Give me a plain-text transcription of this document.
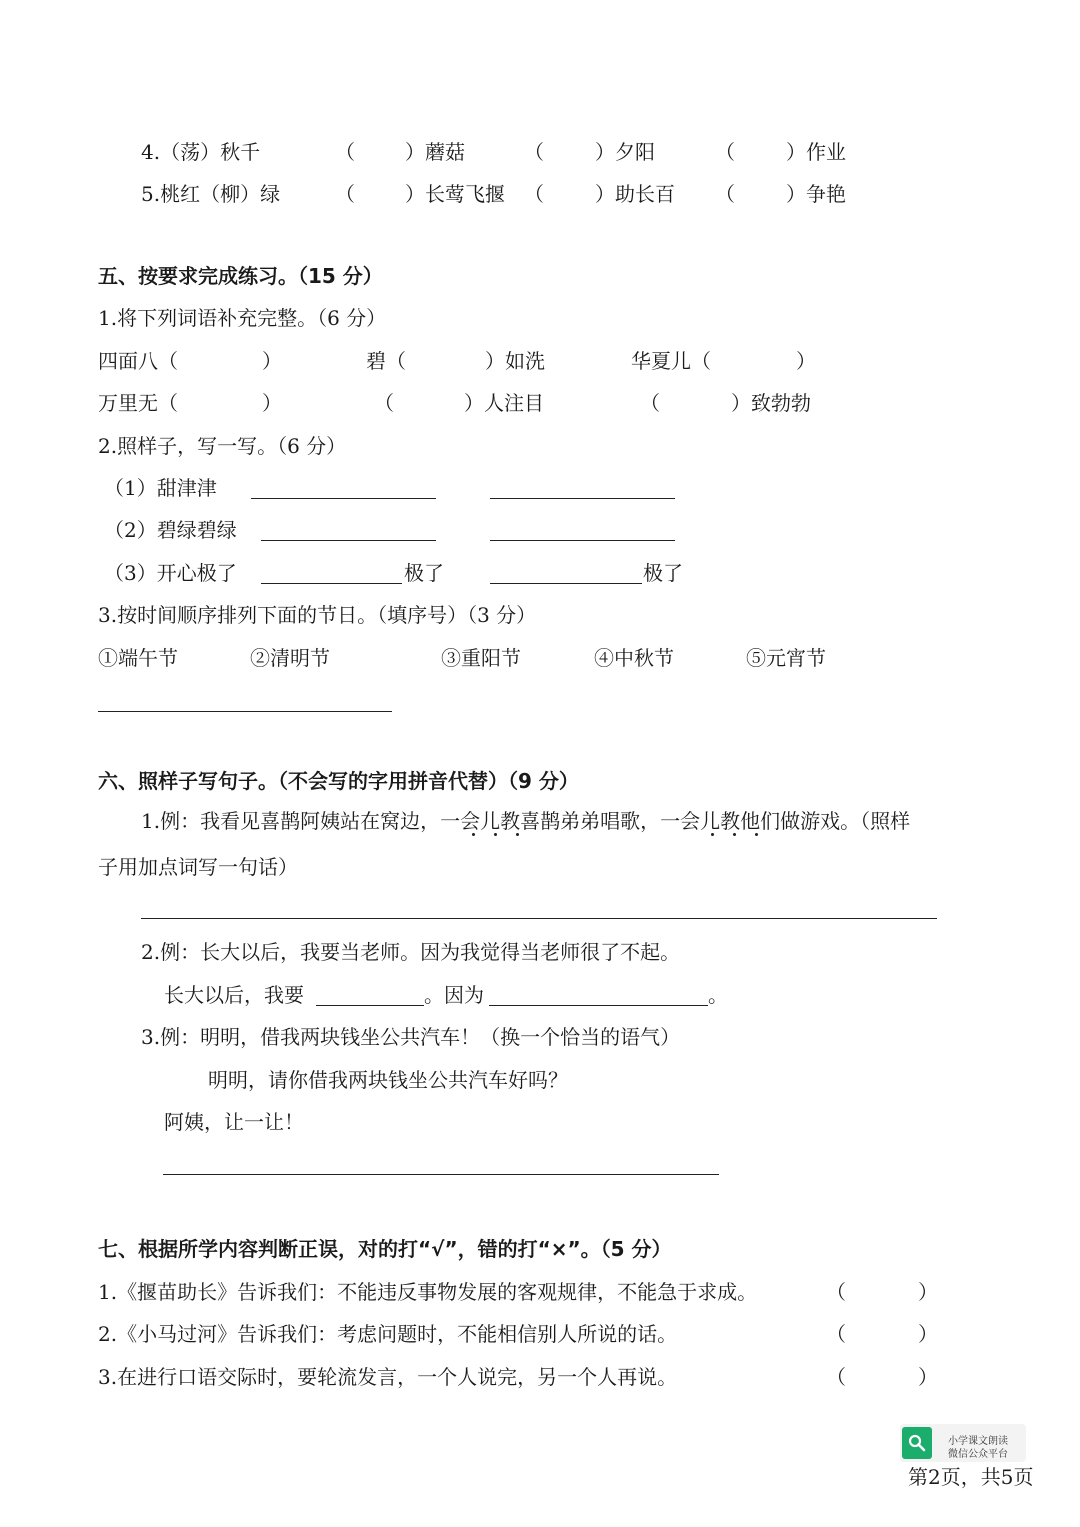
4.（荡）秋千	（	）蘑菇	（	）夕阳	（	）作业
5.桃红（柳）绿	（	）长莺飞揠 （	）助长百 （	）争艳
五、按要求完成练习。（15 分）
1.将下列词语补充完整。（6 分）
四面八（	）	碧（	）如洗	华夏儿（	）
万里无（	）	（	）人注目	（	）致勃勃
2.照样子，写一写。（6 分）
（1）甜津津
（2）碧绿碧绿
（3）开心极了	极了	极了
3.按时间顺序排列下面的节日。（填序号）（3 分）
①端午节	②清明节	③重阳节	④中秋节	⑤元宵节
六、照样子写句子。（不会写的字用拼音代替）（9 分）
1.例：我看见喜鹊阿姨站在窝边，一会儿教喜鹊弟弟唱歌，一会儿教他们做游戏。（照样
子用加点词写一句话）
2.例：长大以后，我要当老师。因为我觉得当老师很了不起。
长大以后，我要	。因为	。
3.例：明明，借我两块钱坐公共汽车！（换一个恰当的语气）
明明，请你借我两块钱坐公共汽车好吗？
阿姨，让一让！
七、根据所学内容判断正误，对的打“√”，错的打“×”。（5 分）
1.《揠苗助长》告诉我们：不能违反事物发展的客观规律，不能急于求成。	（	）
2.《小马过河》告诉我们：考虑问题时，不能相信别人所说的话。	（	）
3.在进行口语交际时，要轮流发言，一个人说完，另一个人再说。	（	）
小学课文朗读
微信公众平台
第2页，共5页
